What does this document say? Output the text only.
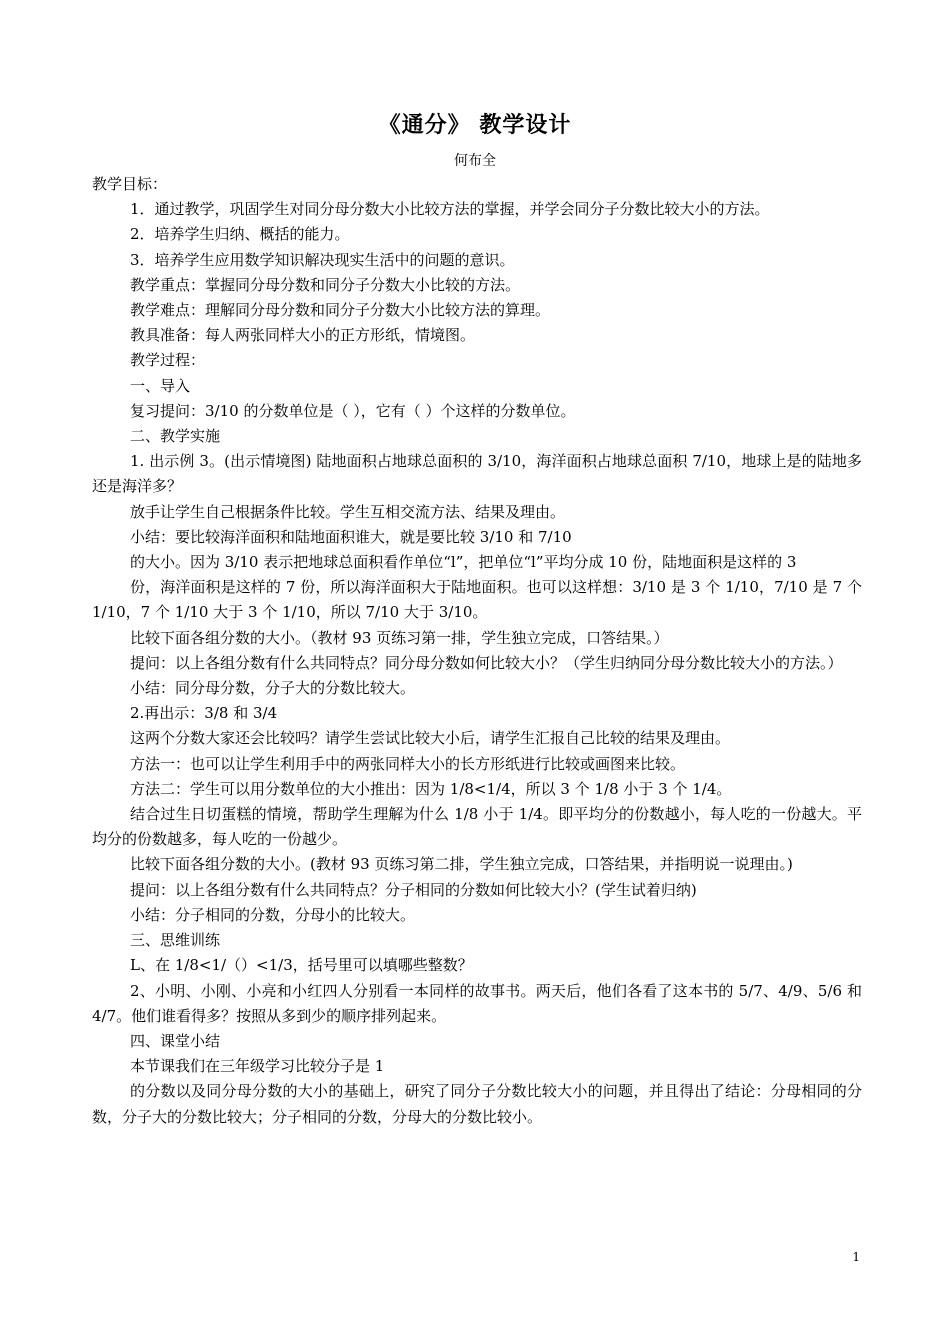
《通分》 教学设计
何布全

教学目标：

1．通过教学，巩固学生对同分母分数大小比较方法的掌握，并学会同分子分数比较大小的方法。

2．培养学生归纳、概括的能力。

3．培养学生应用数学知识解决现实生活中的问题的意识。

教学重点：掌握同分母分数和同分子分数大小比较的方法。

教学难点：理解同分母分数和同分子分数大小比较方法的算理。

教具准备：每人两张同样大小的正方形纸，情境图。

教学过程：

一、导入

复习提问：3/10 的分数单位是（ ），它有（ ）个这样的分数单位。

二、教学实施

1. 出示例 3。(出示情境图) 陆地面积占地球总面积的 3/10，海洋面积占地球总面积 7/10，地球上是的陆地多还是海洋多？

放手让学生自己根据条件比较。学生互相交流方法、结果及理由。

小结：要比较海洋面积和陆地面积谁大，就是要比较 3/10 和 7/10

的大小。因为 3/10 表示把地球总面积看作单位“l”，把单位“l”平均分成 10 份，陆地面积是这样的 3

份，海洋面积是这样的 7 份，所以海洋面积大于陆地面积。也可以这样想：3/10 是 3 个 1/10，7/10 是 7 个 1/10，7 个 1/10 大于 3 个 1/10，所以 7/10 大于 3/10。

比较下面各组分数的大小。（教材 93 页练习第一排，学生独立完成，口答结果。）

提问：以上各组分数有什么共同特点？同分母分数如何比较大小？（学生归纳同分母分数比较大小的方法。）

小结：同分母分数，分子大的分数比较大。

2.再出示：3/8 和 3/4

这两个分数大家还会比较吗？请学生尝试比较大小后，请学生汇报自己比较的结果及理由。

方法一：也可以让学生利用手中的两张同样大小的长方形纸进行比较或画图来比较。

方法二：学生可以用分数单位的大小推出：因为 1/8<1/4，所以 3 个 1/8 小于 3 个 1/4。

结合过生日切蛋糕的情境，帮助学生理解为什么 1/8 小于 1/4。即平均分的份数越小，每人吃的一份越大。平均分的份数越多，每人吃的一份越少。

比较下面各组分数的大小。(教材 93 页练习第二排，学生独立完成，口答结果，并指明说一说理由。)

提问：以上各组分数有什么共同特点？分子相同的分数如何比较大小？(学生试着归纳)

小结：分子相同的分数，分母小的比较大。

三、思维训练

L、在 1/8<1/（）<1/3，括号里可以填哪些整数？

2、小明、小刚、小亮和小红四人分别看一本同样的故事书。两天后，他们各看了这本书的 5/7、4/9、5/6 和 4/7。他们谁看得多？按照从多到少的顺序排列起来。

四、课堂小结

本节课我们在三年级学习比较分子是 1

的分数以及同分母分数的大小的基础上，研究了同分子分数比较大小的问题，并且得出了结论：分母相同的分数，分子大的分数比较大；分子相同的分数，分母大的分数比较小。

1
